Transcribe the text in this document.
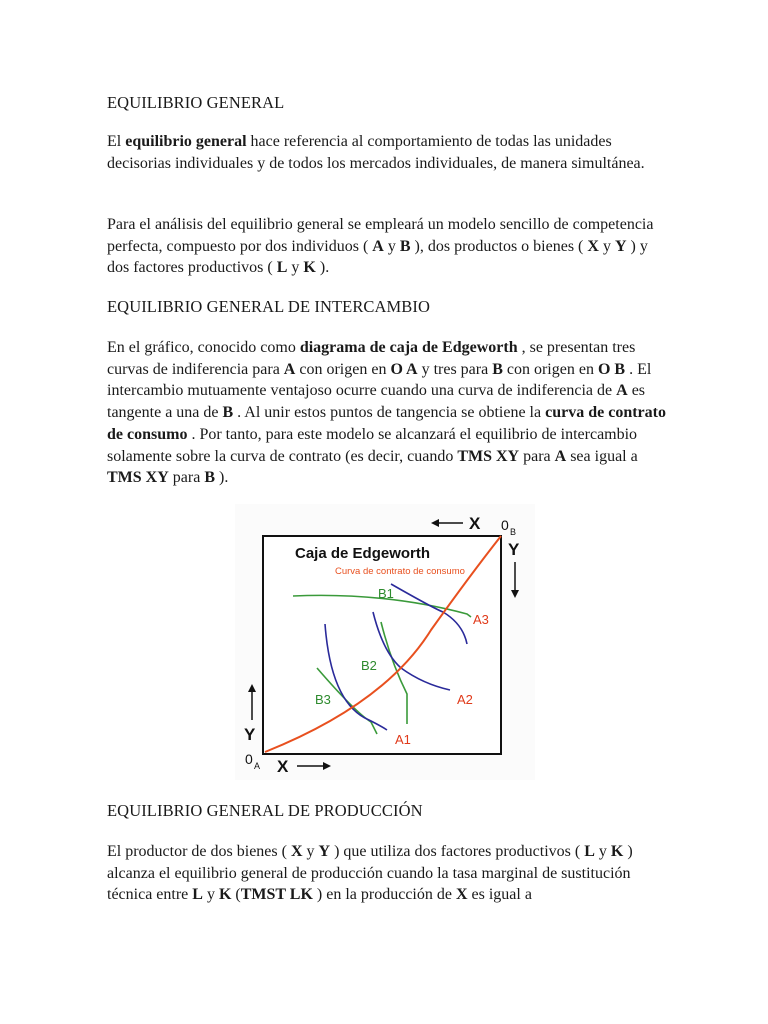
EQUILIBRIO GENERAL

El equilibrio general hace referencia al comportamiento de todas las unidades decisorias individuales y de todos los mercados individuales, de manera simultánea.

Para el análisis del equilibrio general se empleará un modelo sencillo de competencia perfecta, compuesto por dos individuos ( A y B ), dos productos o bienes ( X y Y ) y dos factores productivos ( L y K ).

EQUILIBRIO GENERAL DE INTERCAMBIO

En el gráfico, conocido como diagrama de caja de Edgeworth , se presentan tres curvas de indiferencia para A con origen en O A y tres para B con origen en O B . El intercambio mutuamente ventajoso ocurre cuando una curva de indiferencia de A es tangente a una de B . Al unir estos puntos de tangencia se obtiene la curva de contrato de consumo . Por tanto, para este modelo se alcanzará el equilibrio de intercambio solamente sobre la curva de contrato (es decir, cuando TMS XY para A sea igual a TMS XY para B ).

Caja de Edgeworth
Curva de contrato de consumo
B1
B2
B3
A3
A2
A1
X 0 B
Y
Y
0 A X
EQUILIBRIO GENERAL DE PRODUCCIÓN

El productor de dos bienes ( X y Y ) que utiliza dos factores productivos ( L y K ) alcanza el equilibrio general de producción cuando la tasa marginal de sustitución técnica entre L y K (TMST LK ) en la producción de X es igual a
